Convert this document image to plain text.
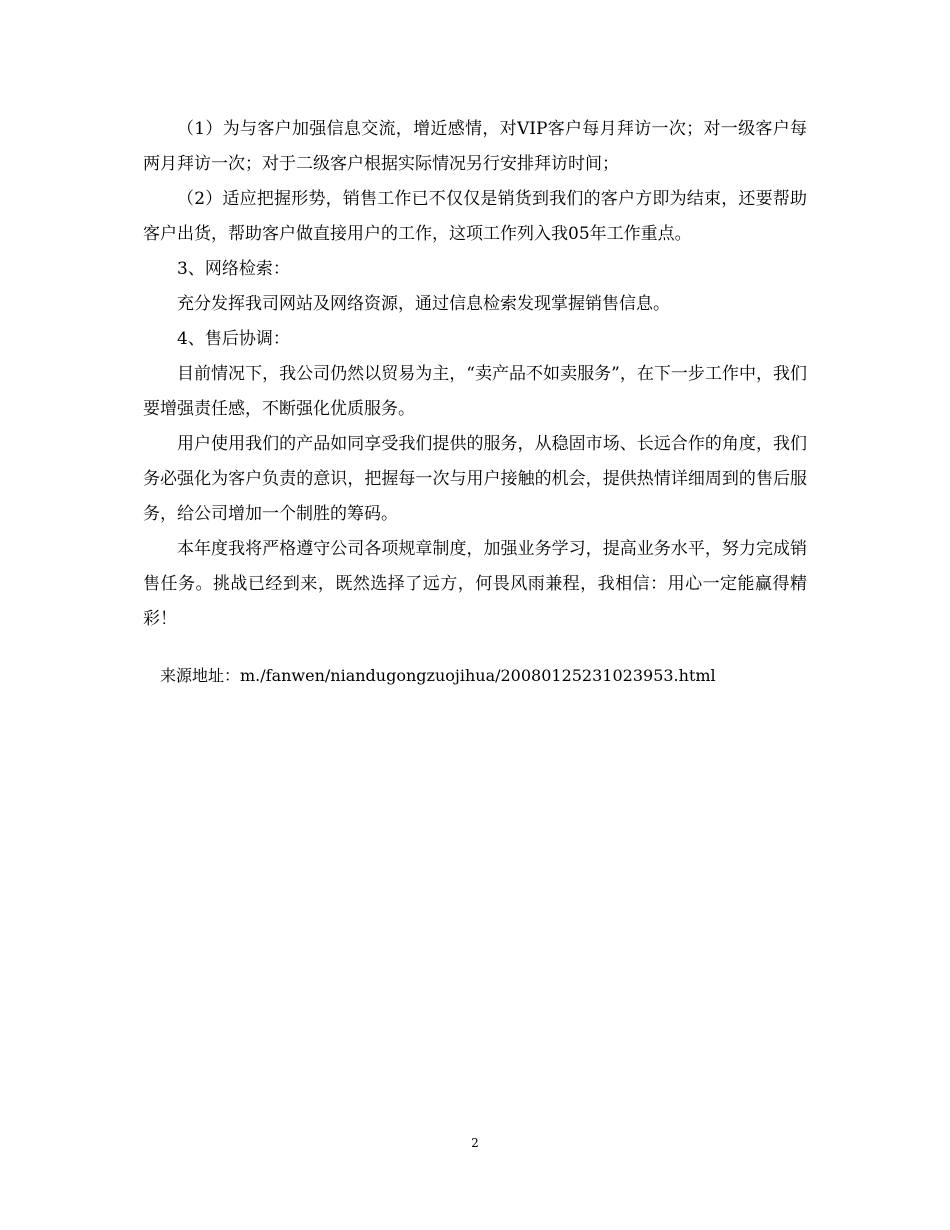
（1）为与客户加强信息交流，增近感情，对VIP客户每月拜访一次；对一级客户每两月拜访一次；对于二级客户根据实际情况另行安排拜访时间；

（2）适应把握形势，销售工作已不仅仅是销货到我们的客户方即为结束，还要帮助客户出货，帮助客户做直接用户的工作，这项工作列入我05年工作重点。

3、网络检索：

充分发挥我司网站及网络资源，通过信息检索发现掌握销售信息。

4、售后协调：

目前情况下，我公司仍然以贸易为主，“卖产品不如卖服务”，在下一步工作中，我们要增强责任感，不断强化优质服务。

用户使用我们的产品如同享受我们提供的服务，从稳固市场、长远合作的角度，我们务必强化为客户负责的意识，把握每一次与用户接触的机会，提供热情详细周到的售后服务，给公司增加一个制胜的筹码。

本年度我将严格遵守公司各项规章制度，加强业务学习，提高业务水平，努力完成销售任务。挑战已经到来，既然选择了远方，何畏风雨兼程，我相信：用心一定能赢得精彩！

来源地址：m./fanwen/niandugongzuojihua/20080125231023953.html
2
